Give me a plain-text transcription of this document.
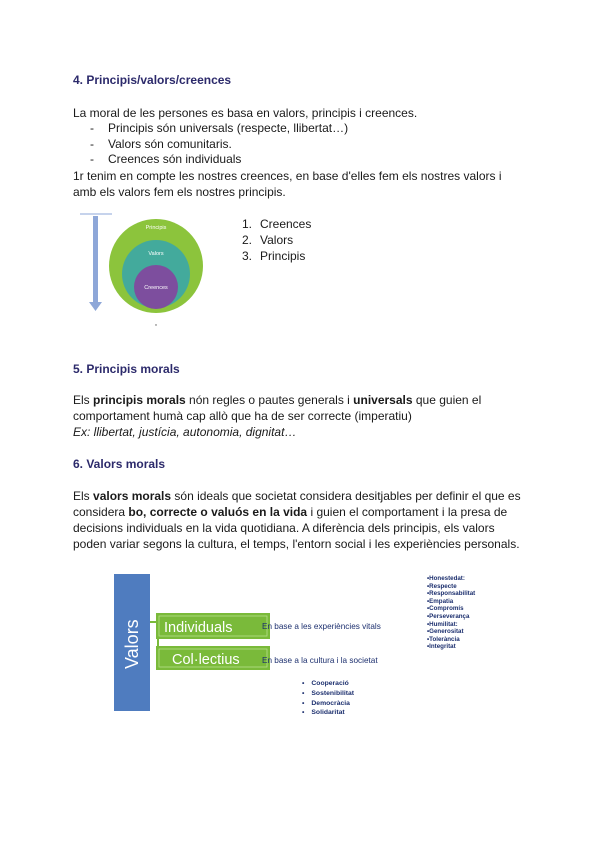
4. Principis/valors/creences
La moral de les persones es basa en valors, principis i creences.
- Principis són universals (respecte, llibertat…)
- Valors són comunitaris.
- Creences són individuals
1r tenim en compte les nostres creences, en base d'elles fem els nostres valors i
amb els valors fem els nostres principis.
Principis
Valors
Creences
1. Creences
2. Valors
3. Principis
5. Principis morals
Els principis morals nón regles o pautes generals i universals que guien el
comportament humà cap allò que ha de ser correcte (imperatiu)
Ex: llibertat, justícia, autonomia, dignitat…
6. Valors morals
Els valors morals són ideals que societat considera desitjables per definir el que es
considera bo, correcte o valuós en la vida i guien el comportament i la presa de
decisions individuals en la vida quotidiana. A diferència dels principis, els valors
poden variar segons la cultura, el temps, l'entorn social i les experiències personals.
Valors Individuals
Col·lectius
En base a les experiències vitals
En base a la cultura i la societat
•Honestedat:
•Respecte
•Responsabilitat
•Empatia
•Compromís
•Perseverança
•Humilitat:
•Generositat
•Tolerància
•Integritat
• Cooperació
• Sostenibilitat
• Democràcia
• Solidaritat
